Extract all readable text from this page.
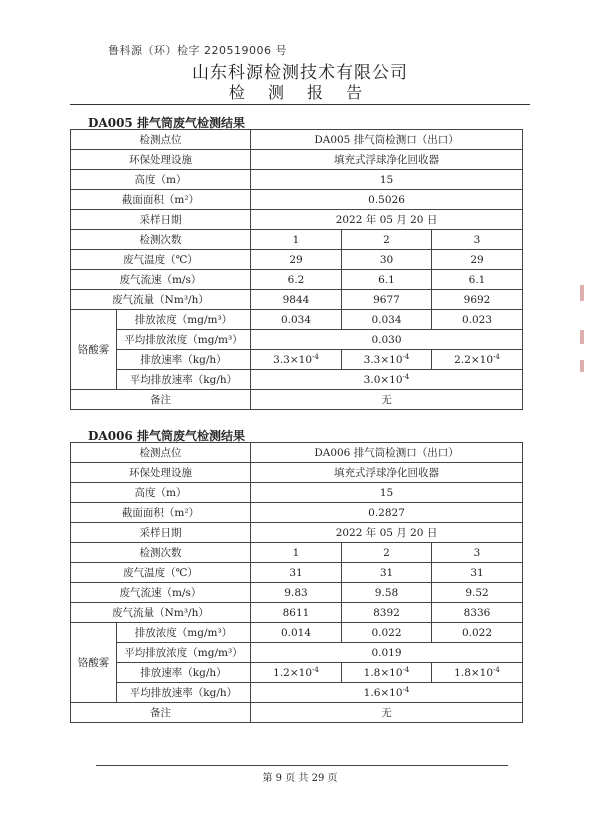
鲁科源（环）检字 220519006 号
山东科源检测技术有限公司
检 测 报 告
DA005 排气筒废气检测结果
检测点位		DA005 排气筒检测口（出口）		
环保处理设施		填充式浮球净化回收器		
高度（m）		15		
截面面积（m²）		0.5026		
采样日期		2022 年 05 月 20 日		
检测次数		1	2	3
废气温度（℃）		29	30	29
废气流速（m/s）		6.2	6.1	6.1
废气流量（Nm³/h）		9844	9677	9692
铬酸雾	排放浓度（mg/m³）	0.034	0.034	0.023
	平均排放浓度（mg/m³）	0.030		
	排放速率（kg/h）	$3.3\times 10^{-4}$	$3.3\times 10^{-4}$	$2.2\times 10^{-4}$
	平均排放速率（kg/h）	$3.0\times 10^{-4}$
备注		无		
DA006 排气筒废气检测结果
检测点位		DA006 排气筒检测口（出口）		
环保处理设施		填充式浮球净化回收器		
高度（m）		15		
截面面积（m²）		0.2827		
采样日期		2022 年 05 月 20 日		
检测次数		1	2	3
废气温度（℃）		31	31	31
废气流速（m/s）		9.83	9.58	9.52
废气流量（Nm³/h）		8611	8392	8336
铬酸雾	排放浓度（mg/m³）	0.014	0.022	0.022
	平均排放浓度（mg/m³）	0.019		
	排放速率（kg/h）	$1.2\times 10^{-4}$	$1.8\times 10^{-4}$	$1.8\times 10^{-4}$
	平均排放速率（kg/h）	$1.6\times 10^{-4}$
备注		无		
第 9 页 共 29 页
